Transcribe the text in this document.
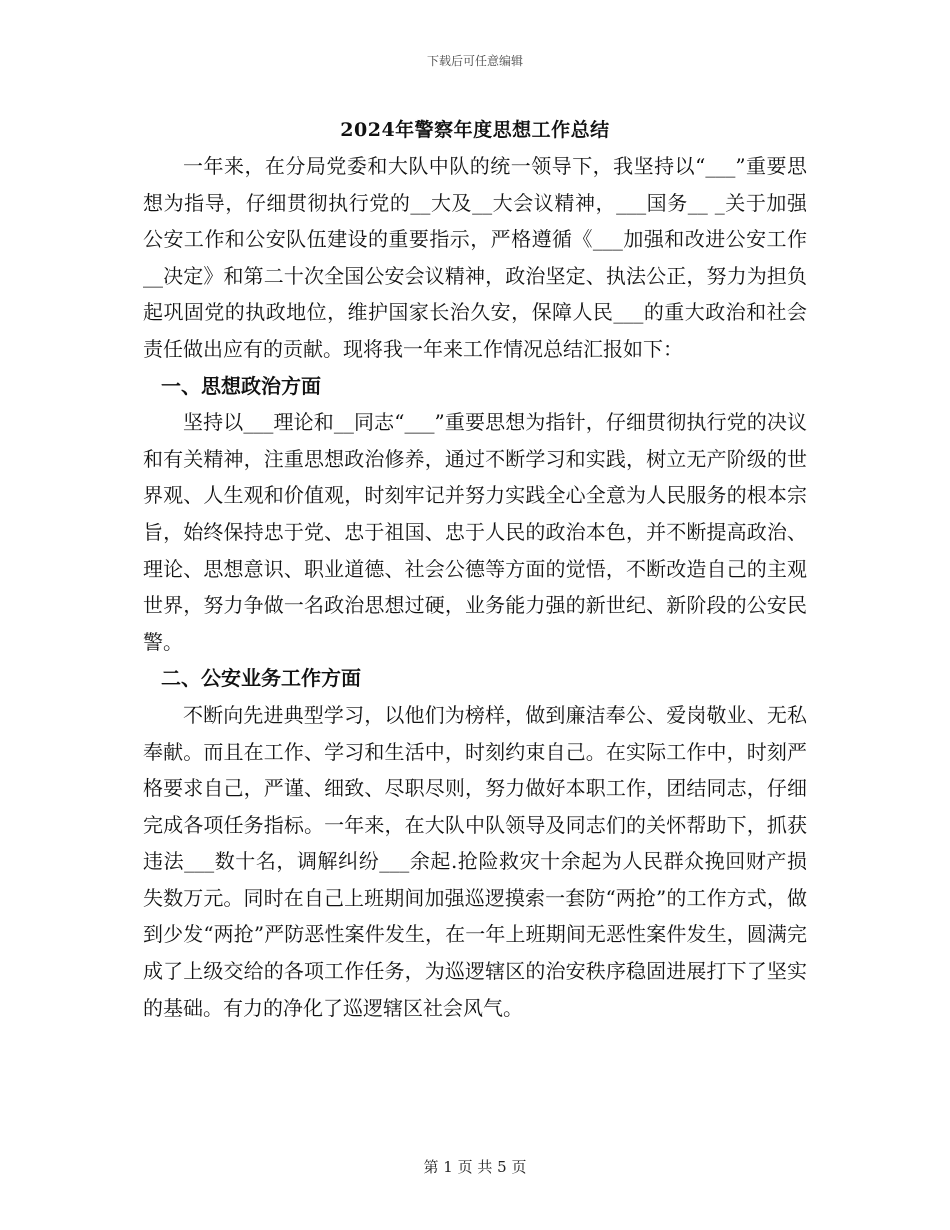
下载后可任意编辑
2024年警察年度思想工作总结

一年来，在分局党委和大队中队的统一领导下，我坚持以“___”重要思想为指导，仔细贯彻执行党的__大及__大会议精神，___国务__ _关于加强公安工作和公安队伍建设的重要指示，严格遵循《___加强和改进公安工作__决定》和第二十次全国公安会议精神，政治坚定、执法公正，努力为担负起巩固党的执政地位，维护国家长治久安，保障人民___的重大政治和社会责任做出应有的贡献。现将我一年来工作情况总结汇报如下：

一、思想政治方面

坚持以___理论和__同志“___”重要思想为指针，仔细贯彻执行党的决议和有关精神，注重思想政治修养，通过不断学习和实践，树立无产阶级的世界观、人生观和价值观，时刻牢记并努力实践全心全意为人民服务的根本宗旨，始终保持忠于党、忠于祖国、忠于人民的政治本色，并不断提高政治、理论、思想意识、职业道德、社会公德等方面的觉悟，不断改造自己的主观世界，努力争做一名政治思想过硬，业务能力强的新世纪、新阶段的公安民警。

二、公安业务工作方面

不断向先进典型学习，以他们为榜样，做到廉洁奉公、爱岗敬业、无私奉献。而且在工作、学习和生活中，时刻约束自己。在实际工作中，时刻严格要求自己，严谨、细致、尽职尽则，努力做好本职工作，团结同志，仔细完成各项任务指标。一年来，在大队中队领导及同志们的关怀帮助下，抓获违法___数十名，调解纠纷___余起.抢险救灾十余起为人民群众挽回财产损失数万元。同时在自己上班期间加强巡逻摸索一套防“两抢”的工作方式，做到少发“两抢”严防恶性案件发生，在一年上班期间无恶性案件发生，圆满完成了上级交给的各项工作任务，为巡逻辖区的治安秩序稳固进展打下了坚实的基础。有力的净化了巡逻辖区社会风气。

第 1 页 共 5 页
